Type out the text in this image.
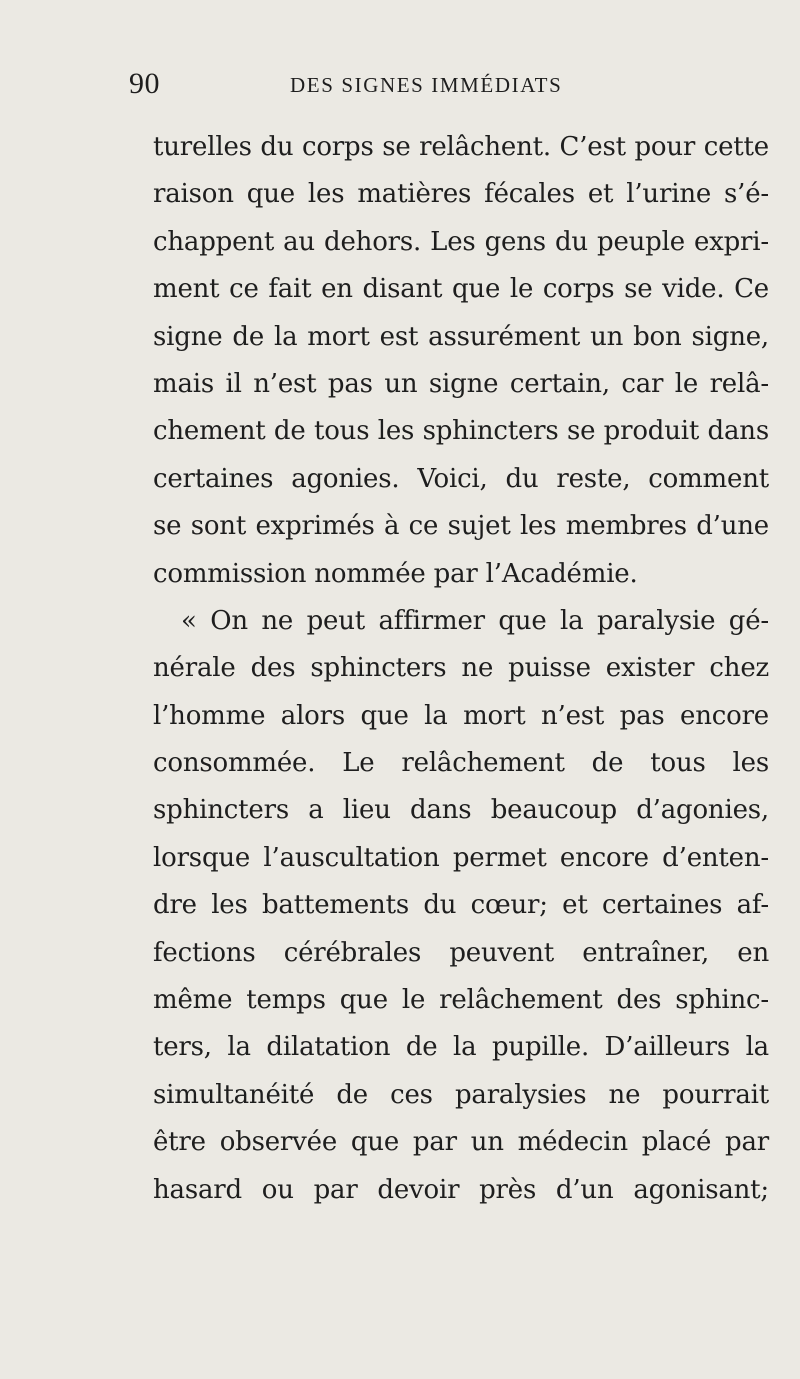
90	DES SIGNES IMMÉDIATS
turelles du corps se relâchent. C’est pour cette
raison que les matières fécales et l’urine s’é-
chappent au dehors. Les gens du peuple expri-
ment ce fait en disant que le corps se vide. Ce
signe de la mort est assurément un bon signe,
mais il n’est pas un signe certain, car le relâ-
chement de tous les sphincters se produit dans
certaines agonies. Voici, du reste, comment
se sont exprimés à ce sujet les membres d’une
commission nommée par l’Académie.
« On ne peut affirmer que la paralysie gé-
nérale des sphincters ne puisse exister chez
l’homme alors que la mort n’est pas encore
consommée. Le relâchement de tous les
sphincters a lieu dans beaucoup d’agonies,
lorsque l’auscultation permet encore d’enten-
dre les battements du cœur; et certaines af-
fections cérébrales peuvent entraîner, en
même temps que le relâchement des sphinc-
ters, la dilatation de la pupille. D’ailleurs la
simultanéité de ces paralysies ne pourrait
être observée que par un médecin placé par
hasard ou par devoir près d’un agonisant;
